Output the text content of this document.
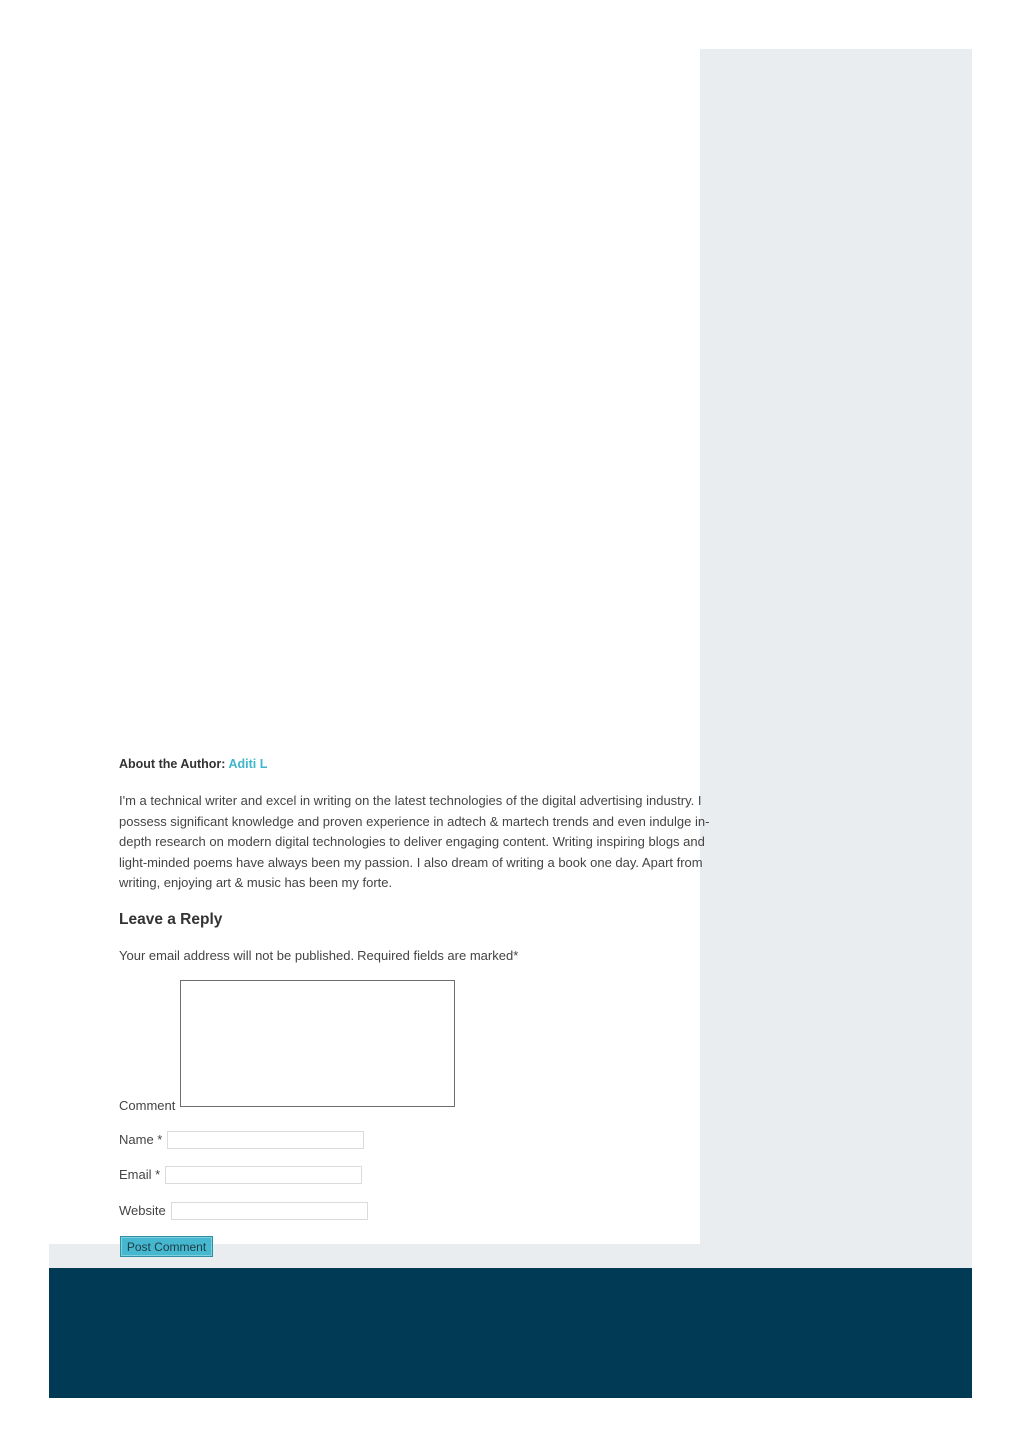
About the Author: Aditi L

I'm a technical writer and excel in writing on the latest technologies of the digital advertising industry. I possess significant knowledge and proven experience in adtech & martech trends and even indulge in-depth research on modern digital technologies to deliver engaging content. Writing inspiring blogs and light-minded poems have always been my passion. I also dream of writing a book one day. Apart from writing, enjoying art & music has been my forte.

Leave a Reply
Your email address will not be published. Required fields are marked*
Comment
Name *
Email *
Website
Post Comment
